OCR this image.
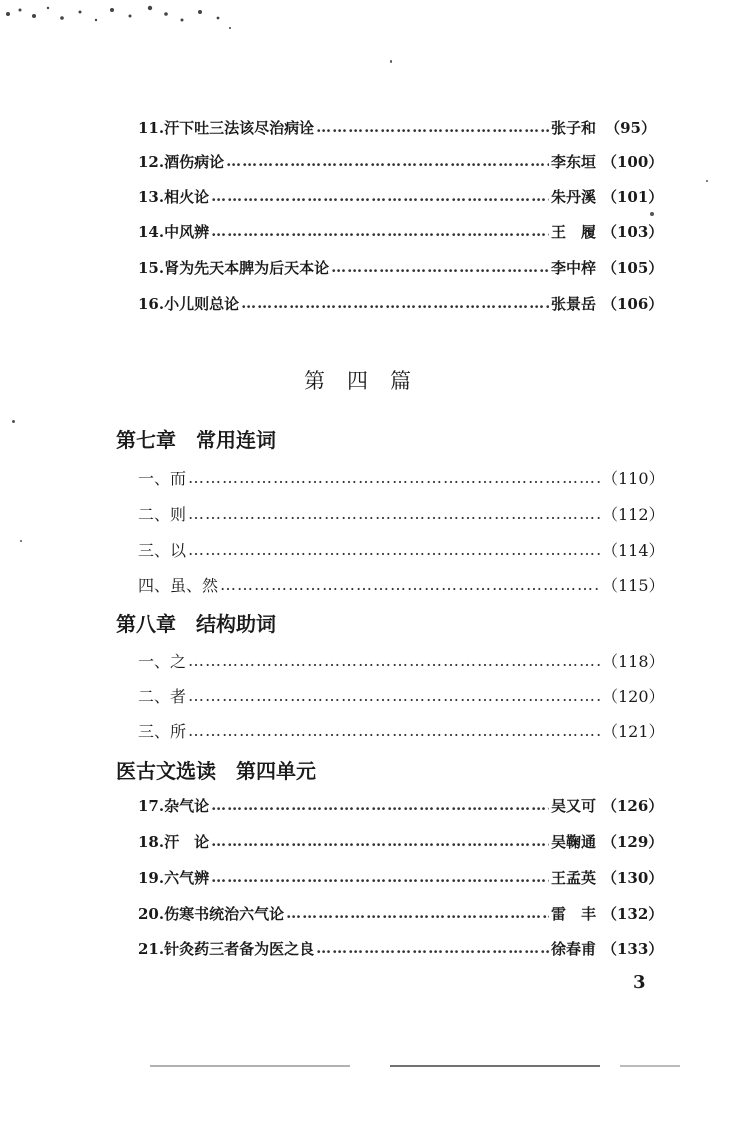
11.汗下吐三法该尽治病诠 ………………………………………………………………………………………………………………	张子和 （95）
12.酒伤病论 ………………………………………………………………………………………………………………	李东垣 （100）
13.相火论 ………………………………………………………………………………………………………………	朱丹溪 （101）
14.中风辨 ………………………………………………………………………………………………………………	王　履 （103）
15.肾为先天本脾为后天本论 ………………………………………………………………………………………………………………	李中梓 （105）
16.小儿则总论 ………………………………………………………………………………………………………………	张景岳 （106）
第四篇
第七章　常用连词
一、而 ………………………………………………………………………………………………………………	（110）
二、则 ………………………………………………………………………………………………………………	（112）
三、以 ………………………………………………………………………………………………………………	（114）
四、虽、然 ………………………………………………………………………………………………………………	（115）
第八章　结构助词
一、之 ………………………………………………………………………………………………………………	（118）
二、者 ………………………………………………………………………………………………………………	（120）
三、所 ………………………………………………………………………………………………………………	（121）
医古文选读　第四单元
17.杂气论 ………………………………………………………………………………………………………………	吴又可 （126）
18.汗　论 ………………………………………………………………………………………………………………	吴鞠通 （129）
19.六气辨 ………………………………………………………………………………………………………………	王孟英 （130）
20.伤寒书统治六气论 ………………………………………………………………………………………………………………	雷　丰 （132）
21.针灸药三者备为医之良 ………………………………………………………………………………………………………………	徐春甫 （133）
3
